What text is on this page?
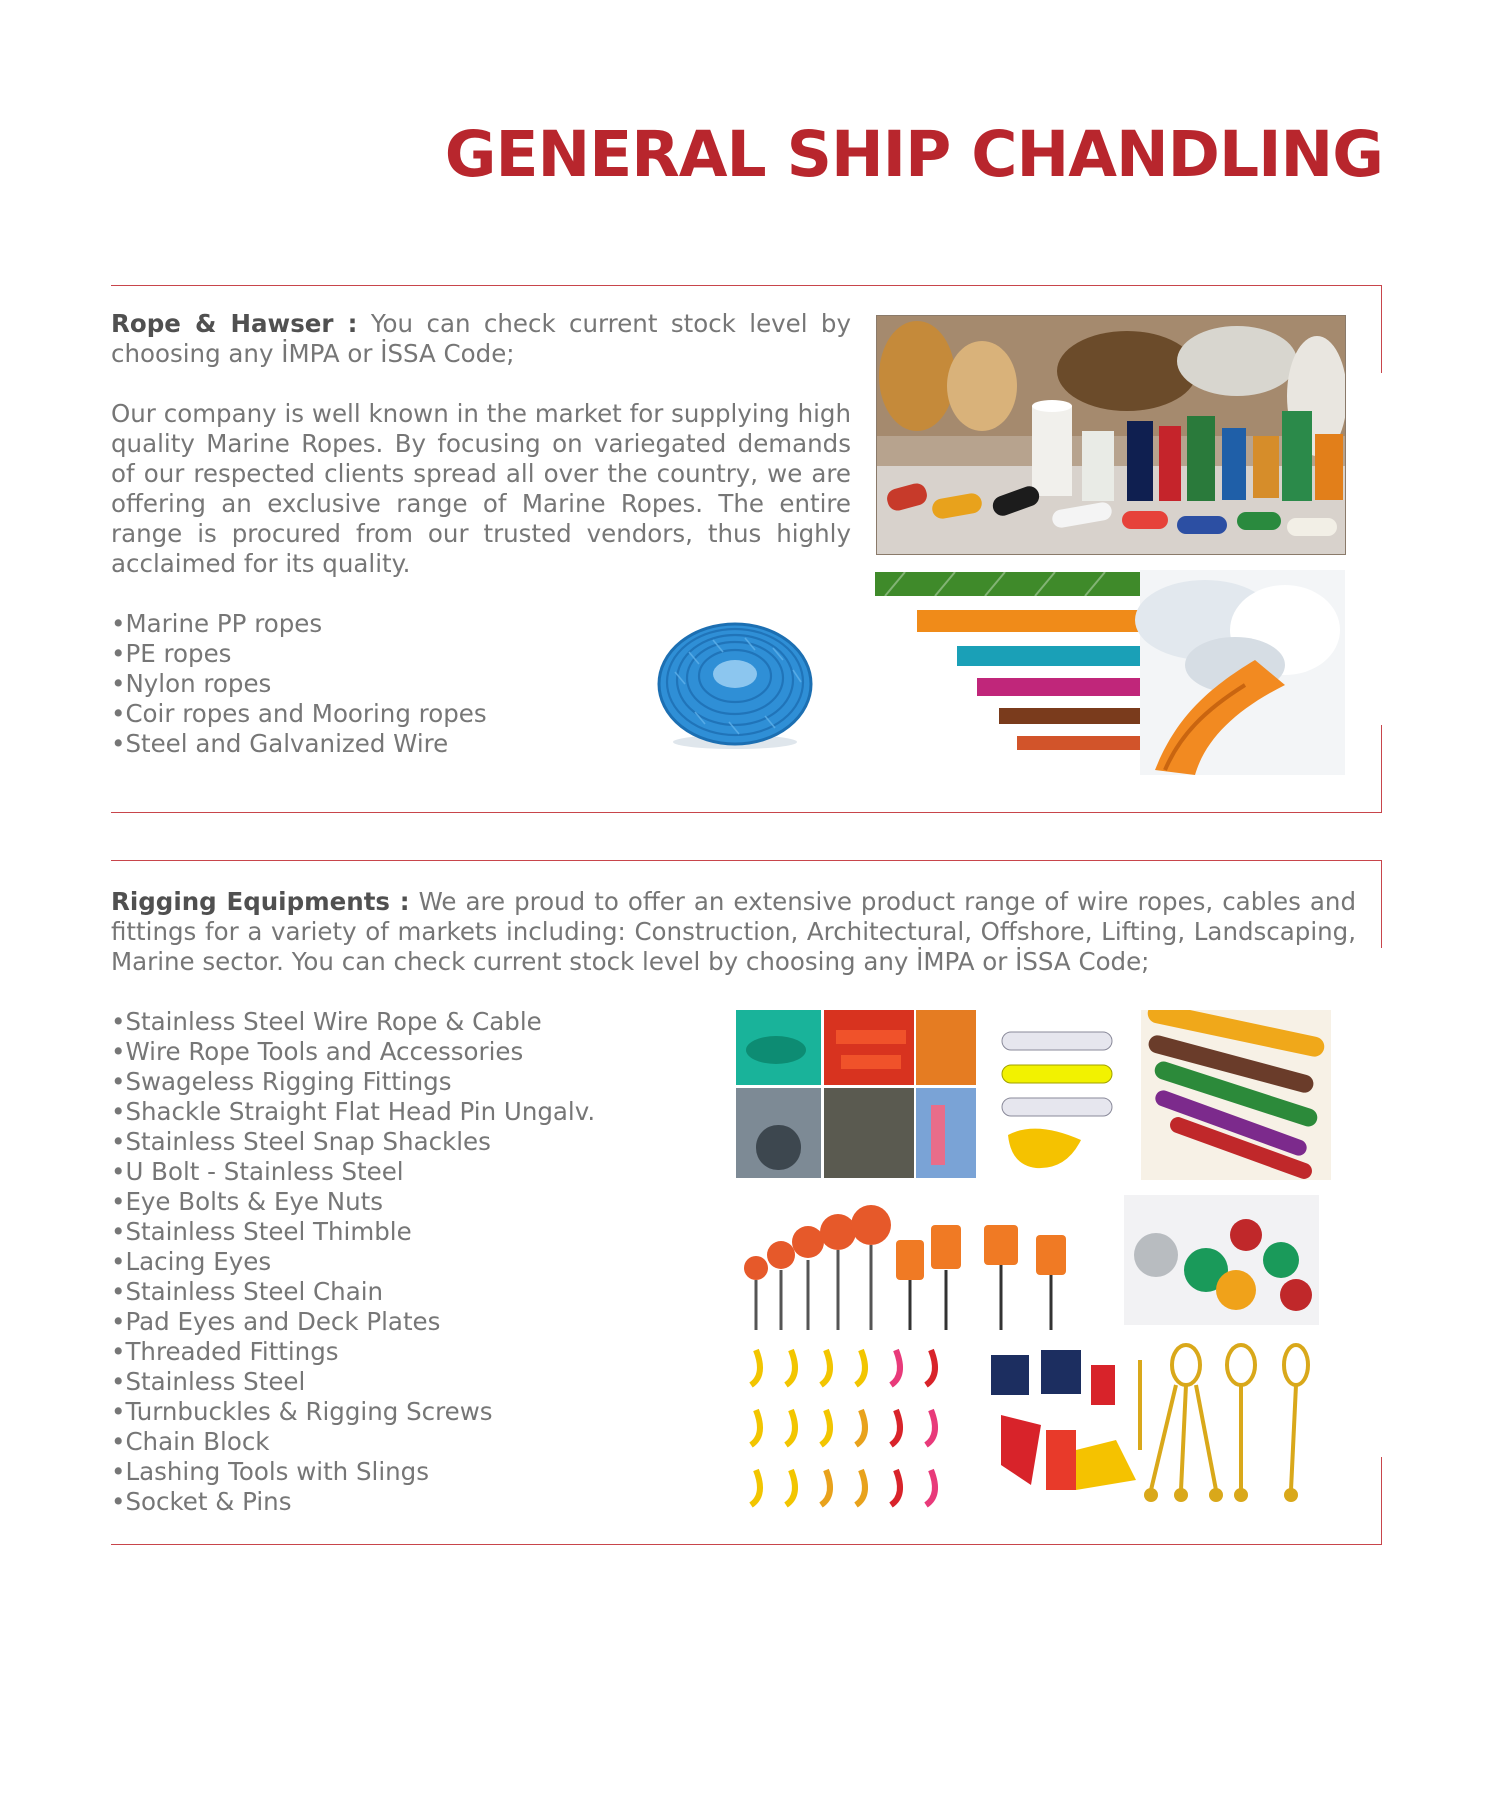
GENERAL SHIP CHANDLING

Rope & Hawser : You can check current stock level by choosing any İMPA or İSSA Code;

Our company is well known in the market for supplying high quality Marine Ropes. By focusing on variegated demands of our respected clients spread all over the country, we are offering an exclusive range of Marine Ropes. The entire range is procured from our trusted vendors, thus highly acclaimed for its quality.

• Marine PP ropes
• PE ropes
• Nylon ropes
• Coir ropes and Mooring ropes
• Steel and Galvanized Wire

Rigging Equipments : We are proud to offer an extensive product range of wire ropes, cables and fittings for a variety of markets including: Construction, Architectural, Offshore, Lifting, Landscaping, Marine sector. You can check current stock level by choosing any İMPA or İSSA Code;

• Stainless Steel Wire Rope & Cable
• Wire Rope Tools and Accessories
• Swageless Rigging Fittings
• Shackle Straight Flat Head Pin Ungalv.
• Stainless Steel Snap Shackles
• U Bolt - Stainless Steel
• Eye Bolts & Eye Nuts
• Stainless Steel Thimble
• Lacing Eyes
• Stainless Steel Chain
• Pad Eyes and Deck Plates
• Threaded Fittings
• Stainless Steel
• Turnbuckles & Rigging Screws
• Chain Block
• Lashing Tools with Slings
• Socket & Pins
